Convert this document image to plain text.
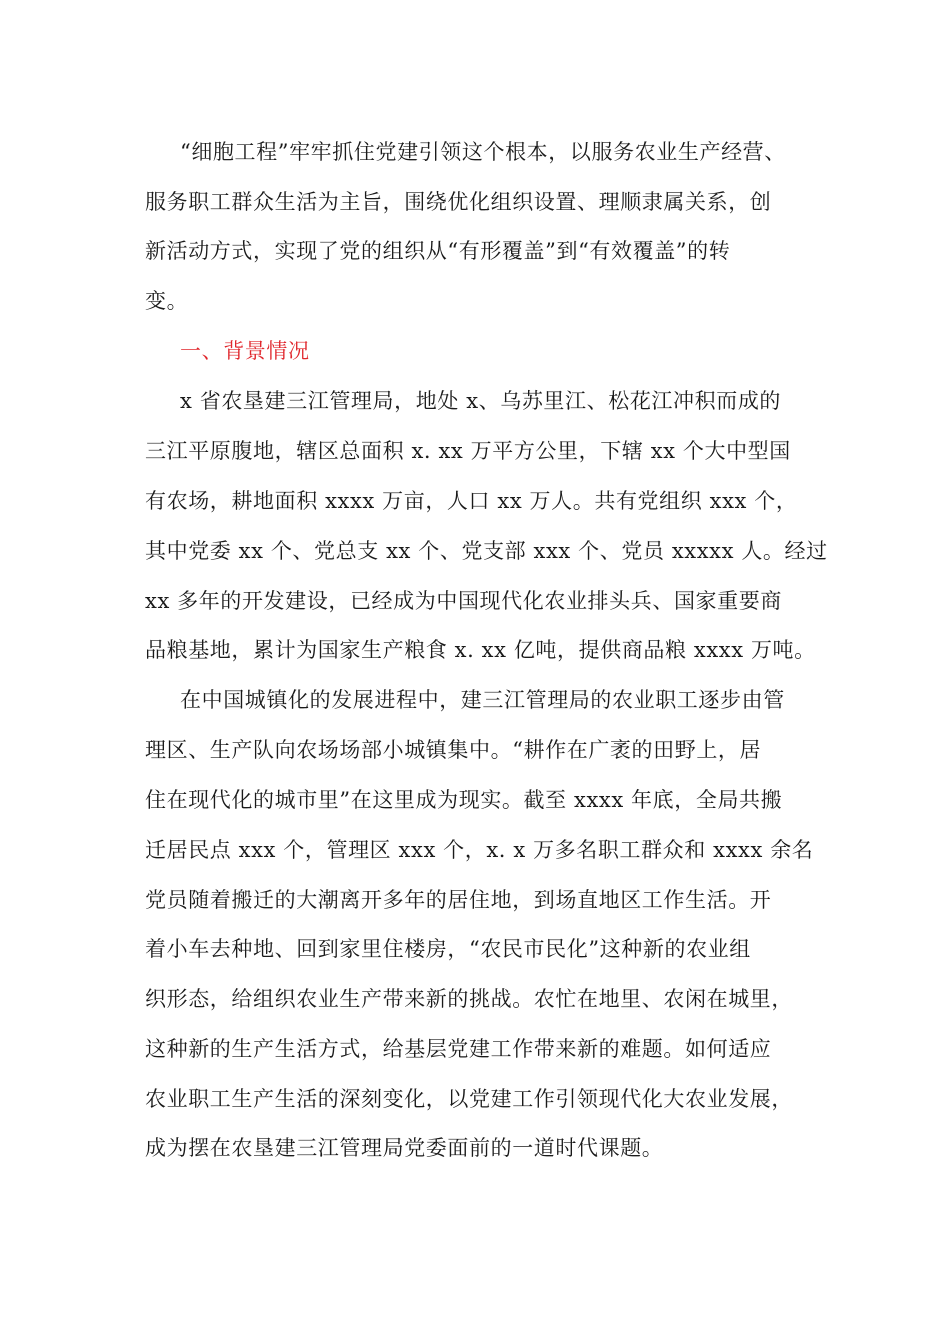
“细胞工程”牢牢抓住党建引领这个根本，以服务农业生产经营、
服务职工群众生活为主旨，围绕优化组织设置、理顺隶属关系，创
新活动方式，实现了党的组织从“有形覆盖”到“有效覆盖”的转
变。
一、背景情况
x 省农垦建三江管理局，地处 x、乌苏里江、松花江冲积而成的
三江平原腹地，辖区总面积 x. xx 万平方公里，下辖 xx 个大中型国
有农场，耕地面积 xxxx 万亩，人口 xx 万人。共有党组织 xxx 个，
其中党委 xx 个、党总支 xx 个、党支部 xxx 个、党员 xxxxx 人。经过
xx 多年的开发建设，已经成为中国现代化农业排头兵、国家重要商
品粮基地，累计为国家生产粮食 x. xx 亿吨，提供商品粮 xxxx 万吨。
在中国城镇化的发展进程中，建三江管理局的农业职工逐步由管
理区、生产队向农场场部小城镇集中。“耕作在广袤的田野上，居
住在现代化的城市里”在这里成为现实。截至 xxxx 年底，全局共搬
迁居民点 xxx 个，管理区 xxx 个，x. x 万多名职工群众和 xxxx 余名
党员随着搬迁的大潮离开多年的居住地，到场直地区工作生活。开
着小车去种地、回到家里住楼房，“农民市民化”这种新的农业组
织形态，给组织农业生产带来新的挑战。农忙在地里、农闲在城里，
这种新的生产生活方式，给基层党建工作带来新的难题。如何适应
农业职工生产生活的深刻变化，以党建工作引领现代化大农业发展，
成为摆在农垦建三江管理局党委面前的一道时代课题。
